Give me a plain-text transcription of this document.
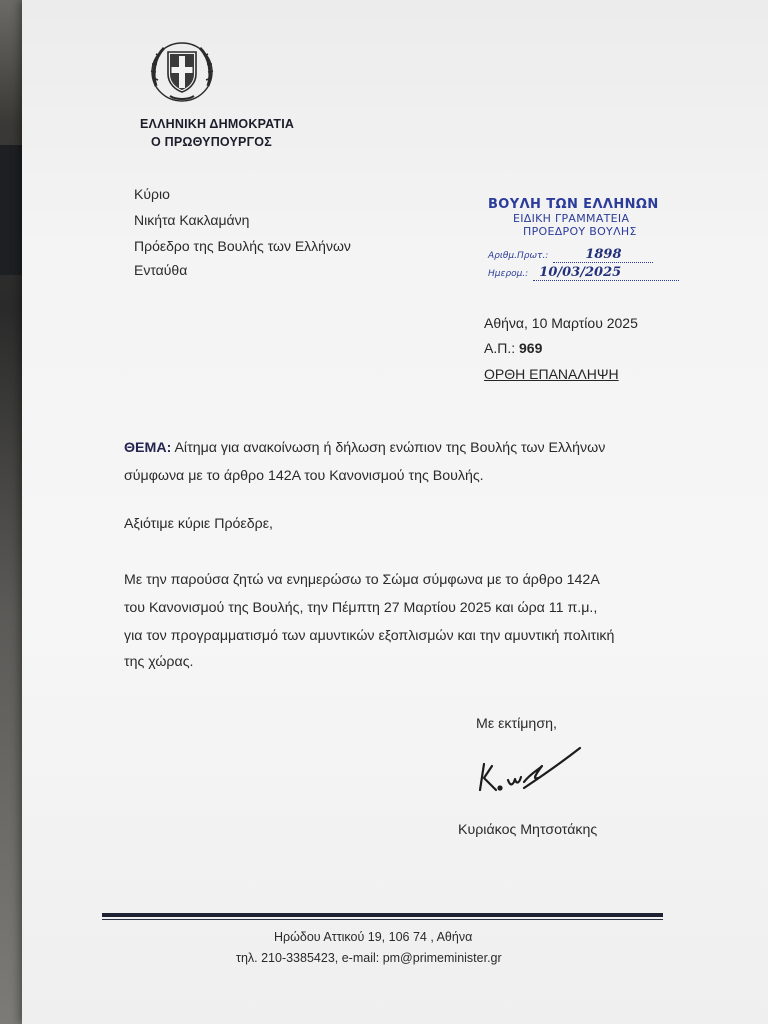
ΕΛΛΗΝΙΚΗ ΔΗΜΟΚΡΑΤΙΑ
Ο ΠΡΩΘΥΠΟΥΡΓΟΣ
Κύριο
Νικήτα Κακλαμάνη
Πρόεδρο της Βουλής των Ελλήνων
Ενταύθα
ΒΟΥΛΗ ΤΩΝ ΕΛΛΗΝΩΝ
ΕΙΔΙΚΗ ΓΡΑΜΜΑΤΕΙΑ
ΠΡΟΕΔΡΟΥ ΒΟΥΛΗΣ
Αριθμ.Πρωτ.:	1898
Ημερομ.: 10/03/2025
Αθήνα, 10 Μαρτίου 2025
Α.Π.: 969
ΟΡΘΗ ΕΠΑΝΑΛΗΨΗ
ΘΕΜΑ: Αίτημα για ανακοίνωση ή δήλωση ενώπιον της Βουλής των Ελλήνων
σύμφωνα με το άρθρο 142Α του Κανονισμού της Βουλής.
Αξιότιμε κύριε Πρόεδρε,
Με την παρούσα ζητώ να ενημερώσω το Σώμα σύμφωνα με το άρθρο 142Α
του Κανονισμού της Βουλής, την Πέμπτη 27 Μαρτίου 2025 και ώρα 11 π.μ.,
για τον προγραμματισμό των αμυντικών εξοπλισμών και την αμυντική πολιτική
της χώρας.
Με εκτίμηση,
Κυριάκος Μητσοτάκης
Ηρώδου Αττικού 19, 106 74 , Αθήνα
τηλ. 210-3385423, e-mail: pm@primeminister.gr
